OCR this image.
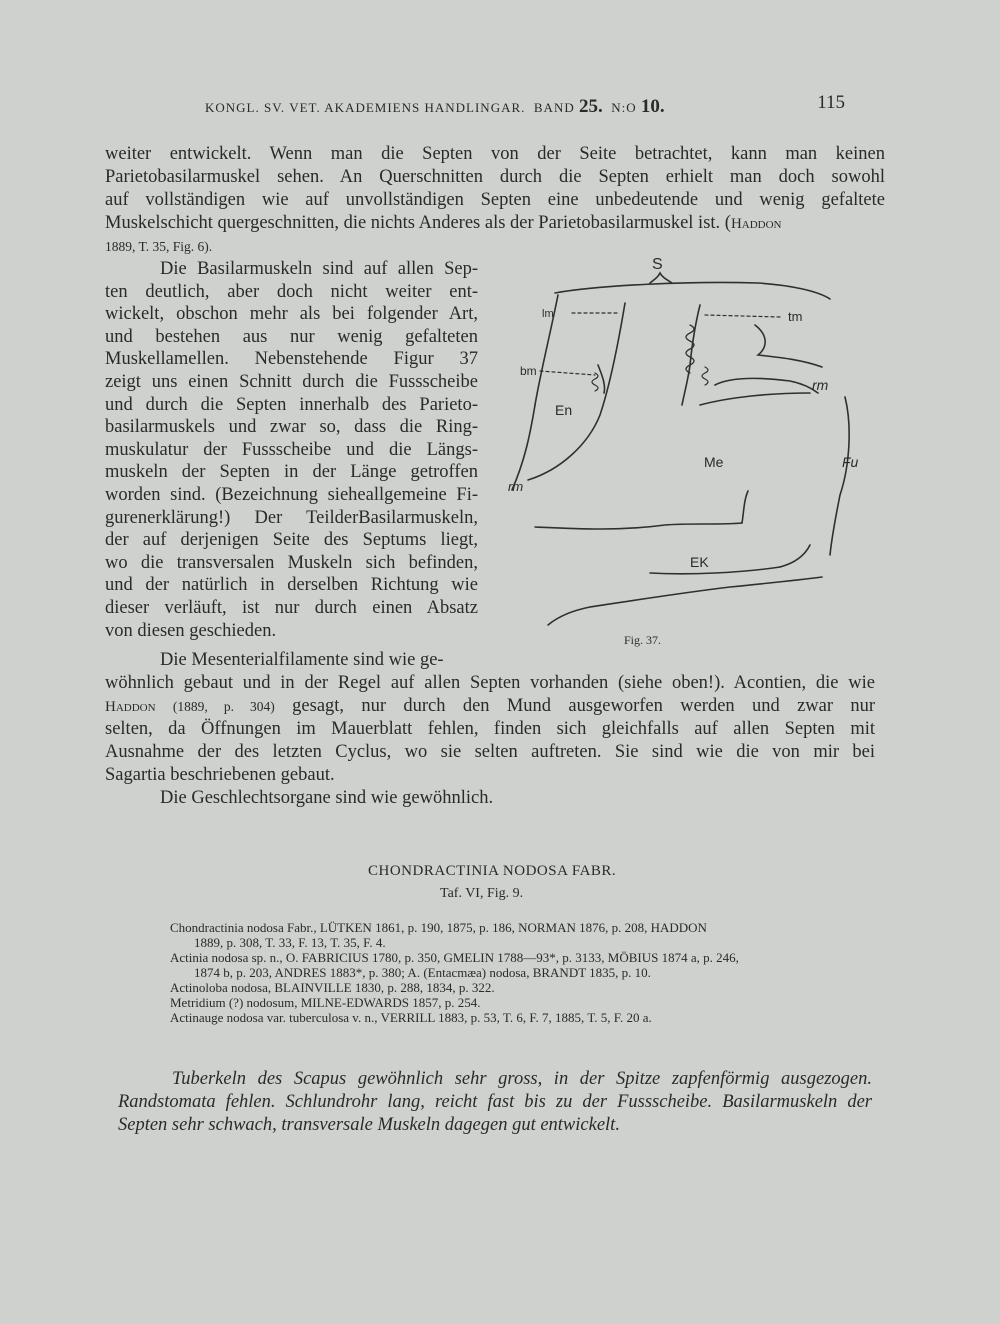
KONGL. SV. VET. AKADEMIENS HANDLINGAR. BAND 25. N:O 10.	115
weiter entwickelt. Wenn man die Septen von der Seite betrachtet, kann man keinen
Parietobasilarmuskel sehen. An Querschnitten durch die Septen erhielt man doch sowohl
auf vollständigen wie auf unvollständigen Septen eine unbedeutende und wenig gefaltete
Muskelschicht quergeschnitten, die nichts Anderes als der Parietobasilarmuskel ist. (Haddon
1889, T. 35, Fig. 6).
Die Basilarmuskeln sind auf allen Sep-
ten deutlich, aber doch nicht weiter ent-
wickelt, obschon mehr als bei folgender Art,
und bestehen aus nur wenig gefalteten
Muskellamellen. Nebenstehende Figur 37
zeigt uns einen Schnitt durch die Fussscheibe
und durch die Septen innerhalb des Parieto-
basilarmuskels und zwar so, dass die Ring-
muskulatur der Fussscheibe und die Längs-
muskeln der Septen in der Länge getroffen
worden sind. (Bezeichnung sieheallgemeine Fi-
gurenerklärung!) Der TeilderBasilarmuskeln,
der auf derjenigen Seite des Septums liegt,
wo die transversalen Muskeln sich befinden,
und der natürlich in derselben Richtung wie
dieser verläuft, ist nur durch einen Absatz
von diesen geschieden.
S
lm	tm
bm
rm
En
Me	Fu
rm
EK
Fig. 37.
Die Mesenterialfilamente sind wie ge-
wöhnlich gebaut und in der Regel auf allen Septen vorhanden (siehe oben!). Acontien, die wie
Haddon (1889, p. 304) gesagt, nur durch den Mund ausgeworfen werden und zwar nur
selten, da Öffnungen im Mauerblatt fehlen, finden sich gleichfalls auf allen Septen mit
Ausnahme der des letzten Cyclus, wo sie selten auftreten. Sie sind wie die von mir bei
Sagartia beschriebenen gebaut.
Die Geschlechtsorgane sind wie gewöhnlich.
CHONDRACTINIA NODOSA FABR.
Taf. VI, Fig. 9.

Chondractinia nodosa Fabr., LÜTKEN 1861, p. 190, 1875, p. 186, NORMAN 1876, p. 208, HADDON

1889, p. 308, T. 33, F. 13, T. 35, F. 4.

Actinia nodosa sp. n., O. FABRICIUS 1780, p. 350, GMELIN 1788—93*, p. 3133, MÖBIUS 1874 a, p. 246,

1874 b, p. 203, ANDRES 1883*, p. 380; A. (Entacmæa) nodosa, BRANDT 1835, p. 10.

Actinoloba nodosa, BLAINVILLE 1830, p. 288, 1834, p. 322.

Metridium (?) nodosum, MILNE-EDWARDS 1857, p. 254.

Actinauge nodosa var. tuberculosa v. n., VERRILL 1883, p. 53, T. 6, F. 7, 1885, T. 5, F. 20 a.

Tuberkeln des Scapus gewöhnlich sehr gross, in der Spitze zapfenförmig ausgezogen.
Randstomata fehlen. Schlundrohr lang, reicht fast bis zu der Fussscheibe. Basilarmuskeln der
Septen sehr schwach, transversale Muskeln dagegen gut entwickelt.
